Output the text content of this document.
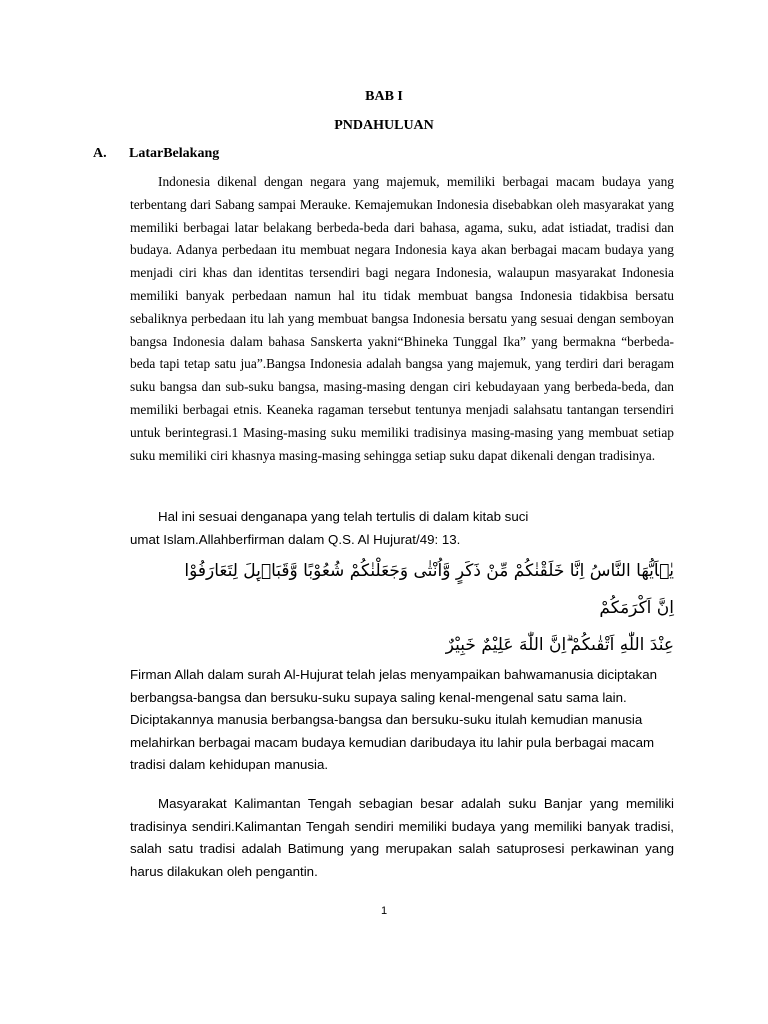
BAB I
PNDAHULUAN
A. LatarBelakang

Indonesia dikenal dengan negara yang majemuk, memiliki berbagai macam budaya yang terbentang dari Sabang sampai Merauke. Kemajemukan Indonesia disebabkan oleh masyarakat yang memiliki berbagai latar belakang berbeda-beda dari bahasa, agama, suku, adat istiadat, tradisi dan budaya. Adanya perbedaan itu membuat negara Indonesia kaya akan berbagai macam budaya yang menjadi ciri khas dan identitas tersendiri bagi negara Indonesia, walaupun masyarakat Indonesia memiliki banyak perbedaan namun hal itu tidak membuat bangsa Indonesia tidakbisa bersatu sebaliknya perbedaan itu lah yang membuat bangsa Indonesia bersatu yang sesuai dengan semboyan bangsa Indonesia dalam bahasa Sanskerta yakni“Bhineka Tunggal Ika” yang bermakna “berbeda-beda tapi tetap satu jua”.Bangsa Indonesia adalah bangsa yang majemuk, yang terdiri dari beragam suku bangsa dan sub-suku bangsa, masing-masing dengan ciri kebudayaan yang berbeda-beda, dan memiliki berbagai etnis. Keaneka ragaman tersebut tentunya menjadi salahsatu tantangan tersendiri untuk berintegrasi.1 Masing-masing suku memiliki tradisinya masing-masing yang membuat setiap suku memiliki ciri khasnya masing-masing sehingga setiap suku dapat dikenali dengan tradisinya.

Hal ini sesuai denganapa yang telah tertulis di dalam kitab suci umat Islam.Allahberfirman dalam Q.S. Al Hujurat/49: 13.

يٰۤاَيُّهَا النَّاسُ اِنَّا خَلَقْنٰكُمْ مِّنْ ذَكَرٍ وَّاُنْثٰى وَجَعَلْنٰكُمْ شُعُوْبًا وَّقَبَاۤىِٕلَ لِتَعَارَفُوْا
اِنَّ اَكْرَمَكُمْ
عِنْدَ اللّٰهِ اَتْقٰىكُمْ ۗاِنَّ اللّٰهَ عَلِيْمٌ خَبِيْرٌ

Firman Allah dalam surah Al-Hujurat telah jelas menyampaikan bahwamanusia diciptakan berbangsa-bangsa dan bersuku-suku supaya saling kenal-mengenal satu sama lain. Diciptakannya manusia berbangsa-bangsa dan bersuku-suku itulah kemudian manusia melahirkan berbagai macam budaya kemudian daribudaya itu lahir pula berbagai macam tradisi dalam kehidupan manusia.

Masyarakat Kalimantan Tengah sebagian besar adalah suku Banjar yang memiliki tradisinya sendiri.Kalimantan Tengah sendiri memiliki budaya yang memiliki banyak tradisi, salah satu tradisi adalah Batimung yang merupakan salah satuprosesi perkawinan yang harus dilakukan oleh pengantin.

1
